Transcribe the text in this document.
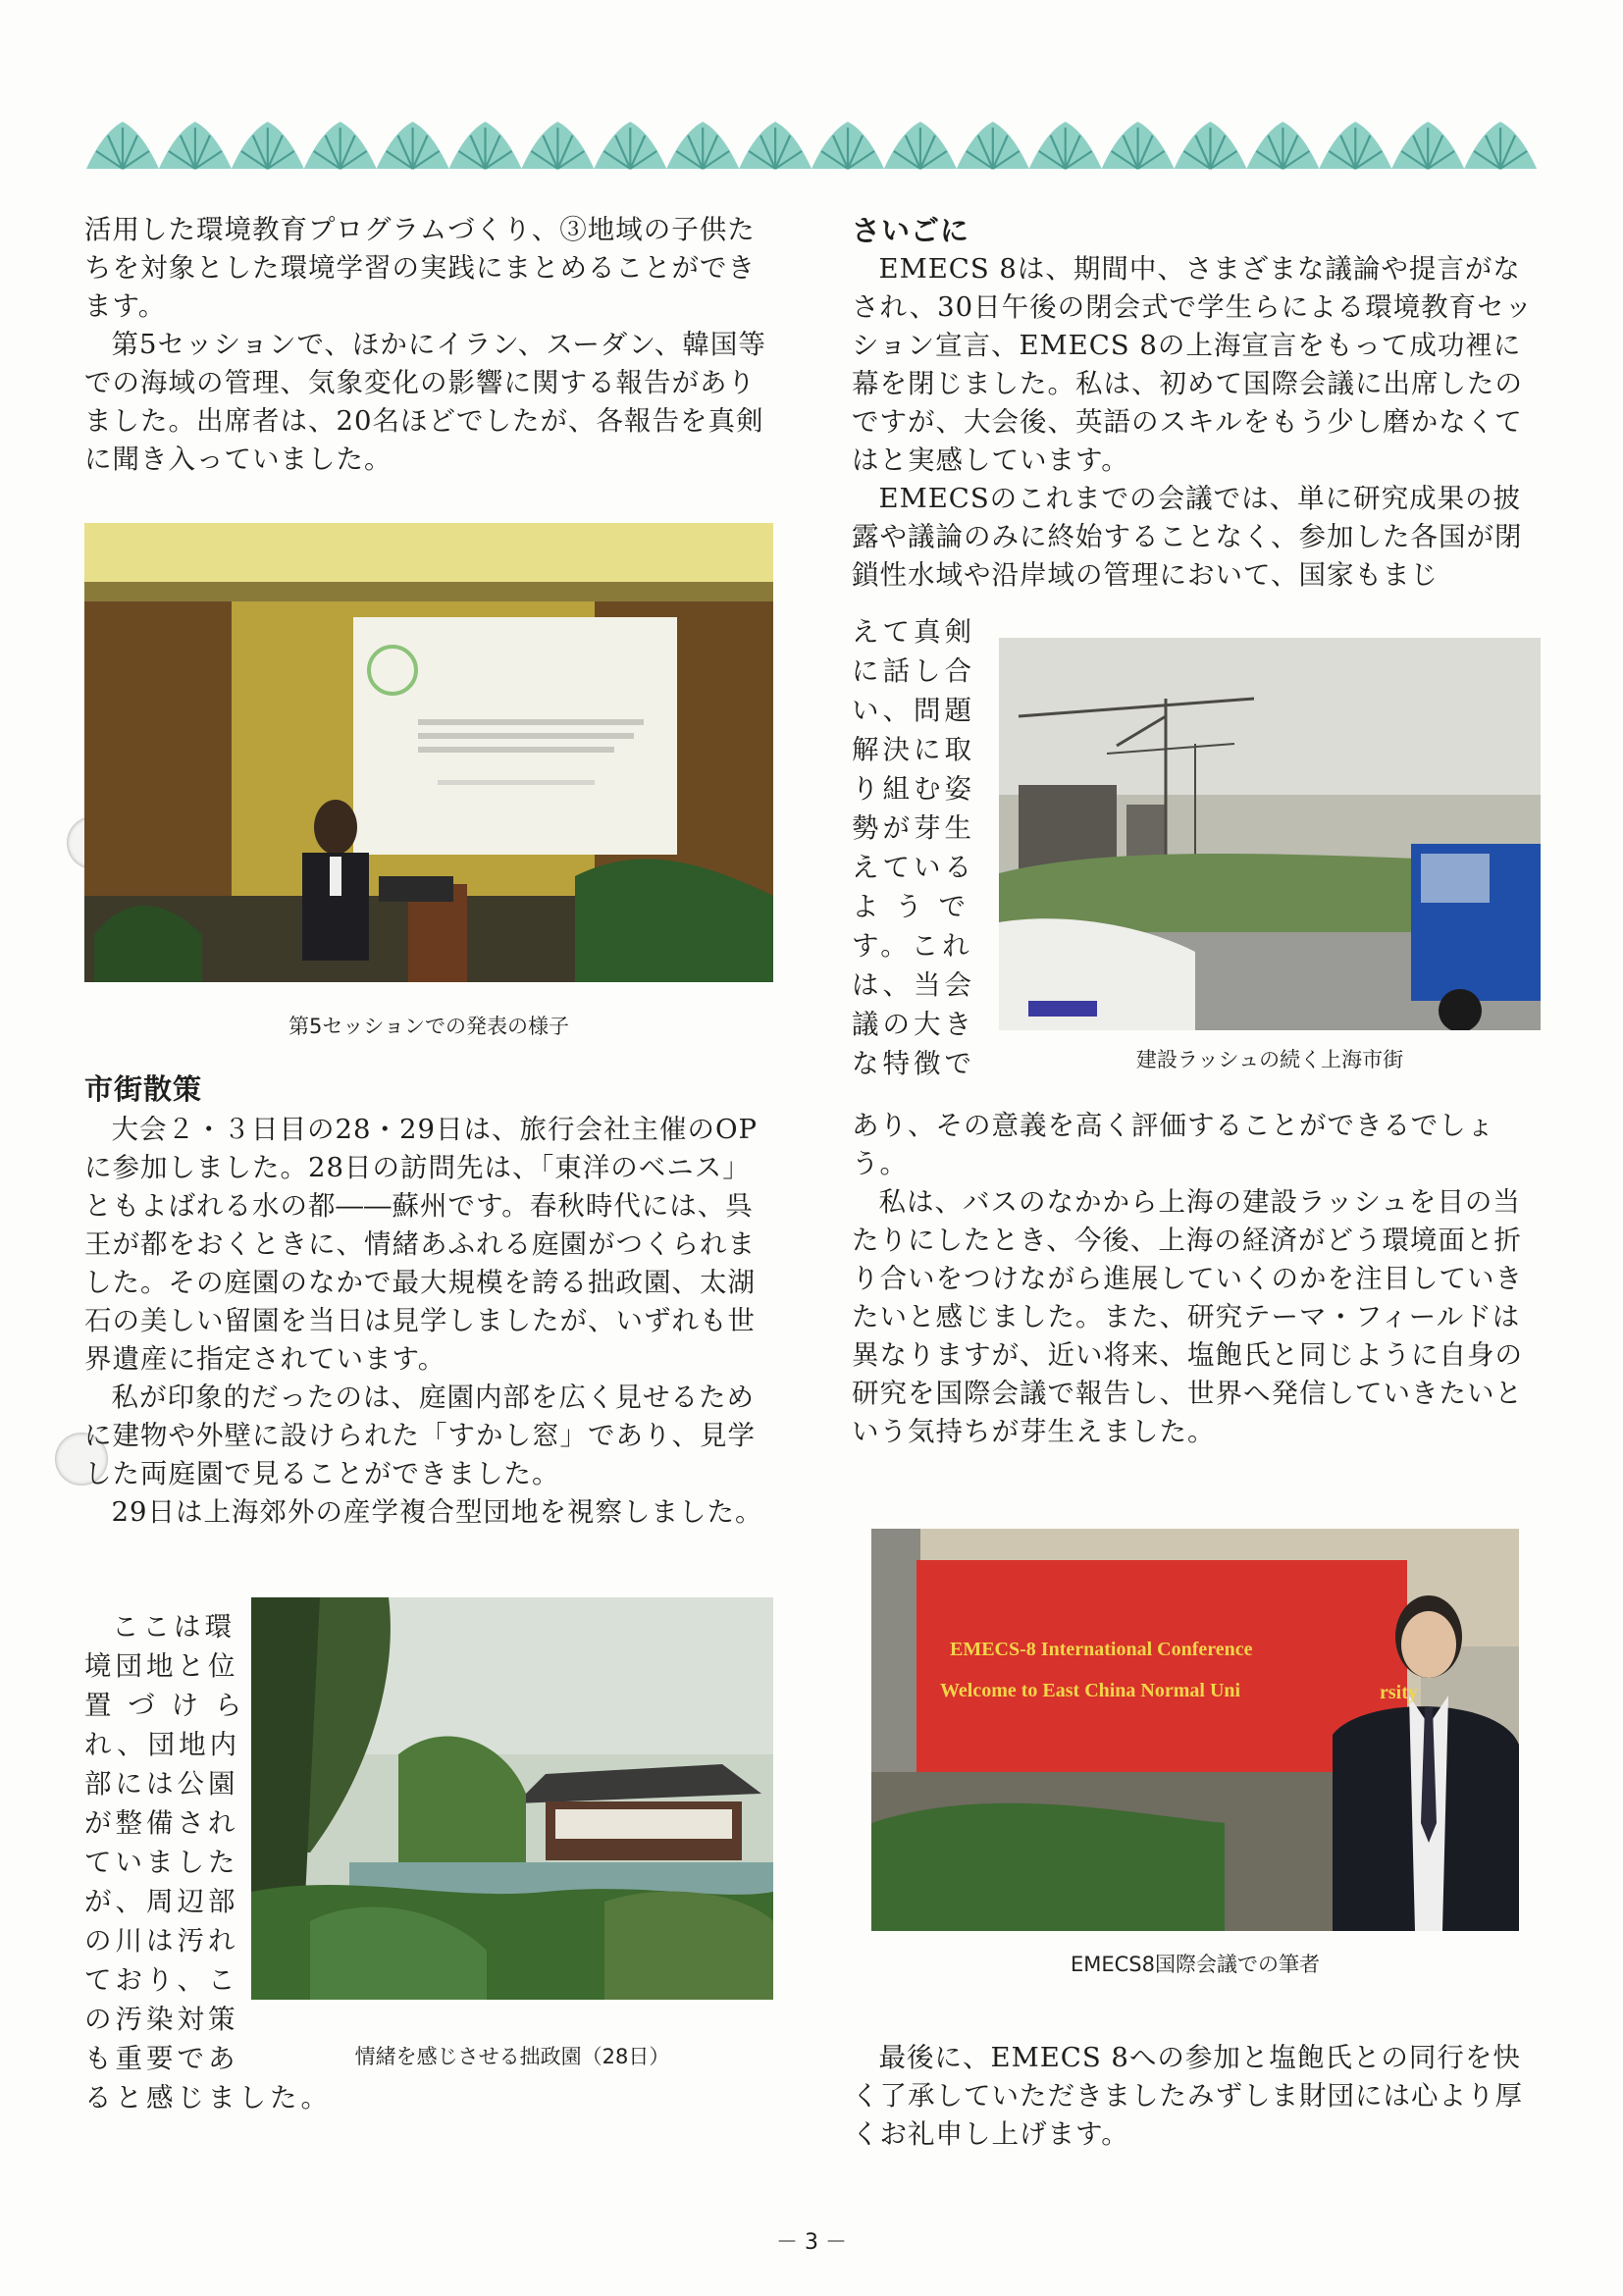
活用した環境教育プログラムづくり、③地域の子供たちを対象とした環境学習の実践にまとめることができます。

第5セッションで、ほかにイラン、スーダン、韓国等での海域の管理、気象変化の影響に関する報告がありました。出席者は、20名ほどでしたが、各報告を真剣に聞き入っていました。

第5セッションでの発表の様子
市街散策

大会２・３日目の28・29日は、旅行会社主催のOPに参加しました。28日の訪問先は、「東洋のベニス」ともよばれる水の都――蘇州です。春秋時代には、呉王が都をおくときに、情緒あふれる庭園がつくられました。その庭園のなかで最大規模を誇る拙政園、太湖石の美しい留園を当日は見学しましたが、いずれも世界遺産に指定されています。

私が印象的だったのは、庭園内部を広く見せるために建物や外壁に設けられた「すかし窓」であり、見学した両庭園で見ることができました。

29日は上海郊外の産学複合型団地を視察しました。

ここは環
境団地と位
置 づ け ら
れ、団地内
部には公園
が整備され
ていました
が、周辺部
の川は汚れ
ており、こ
の汚染対策
も重要であ
ると感じました。
情緒を感じさせる拙政園（28日）
さいごに

EMECS 8は、期間中、さまざまな議論や提言がなされ、30日午後の閉会式で学生らによる環境教育セッション宣言、EMECS 8の上海宣言をもって成功裡に幕を閉じました。私は、初めて国際会議に出席したのですが、大会後、英語のスキルをもう少し磨かなくてはと実感しています。

EMECSのこれまでの会議では、単に研究成果の披露や議論のみに終始することなく、参加した各国が閉鎖性水域や沿岸域の管理において、国家もまじ

えて真剣
に話し合
い、問題
解決に取
り組む姿
勢が芽生
えている
よ う で
す。これ
は、当会
議の大き
な特徴で	建設ラッシュの続く上海市街

あり、その意義を高く評価することができるでしょう。

私は、バスのなかから上海の建設ラッシュを目の当たりにしたとき、今後、上海の経済がどう環境面と折り合いをつけながら進展していくのかを注目していきたいと感じました。また、研究テーマ・フィールドは異なりますが、近い将来、塩飽氏と同じように自身の研究を国際会議で報告し、世界へ発信していきたいという気持ちが芽生えました。

EMECS-8 International Conference
Welcome to East China Normal Uni	rsity
EMECS8国際会議での筆者

最後に、EMECS 8への参加と塩飽氏との同行を快く了承していただきましたみずしま財団には心より厚くお礼申し上げます。

－ 3 －
